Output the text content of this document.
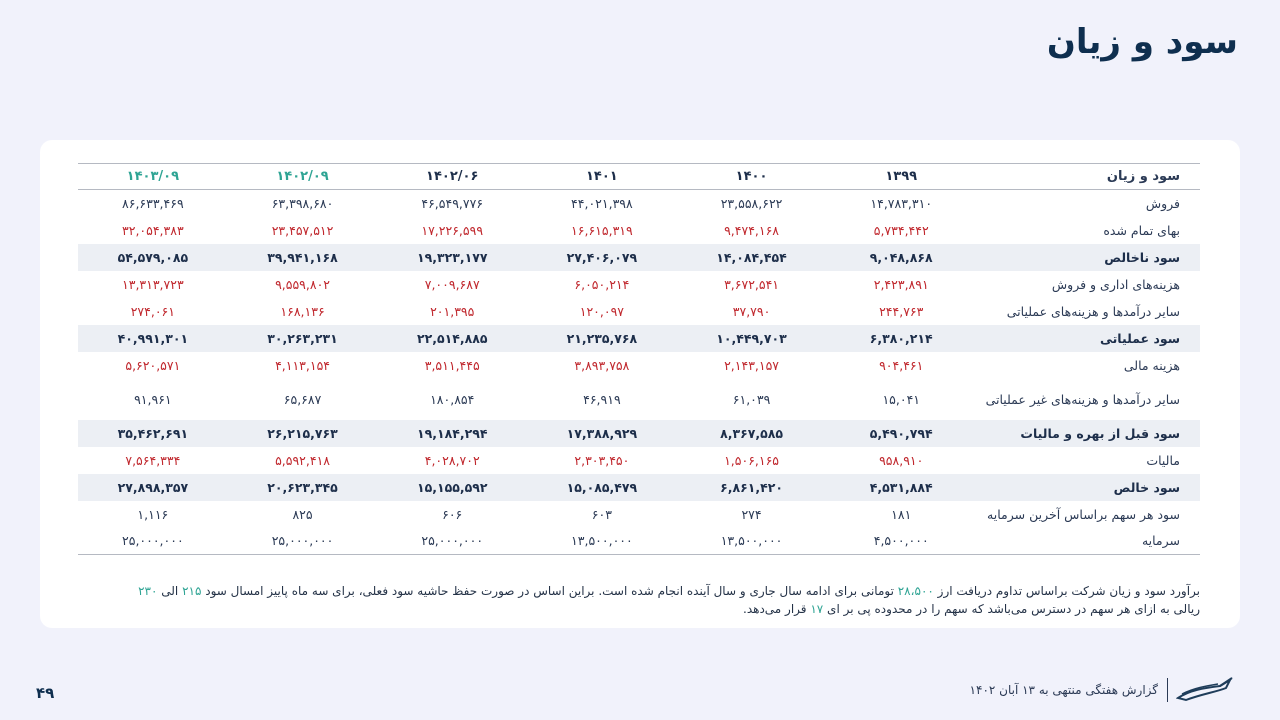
سود و زیان
سود و زیان	۱۳۹۹	۱۴۰۰	۱۴۰۱	۱۴۰۲/۰۶	۱۴۰۲/۰۹	۱۴۰۳/۰۹
فروش	۱۴,۷۸۳,۳۱۰	۲۳,۵۵۸,۶۲۲	۴۴,۰۲۱,۳۹۸	۴۶,۵۴۹,۷۷۶	۶۳,۳۹۸,۶۸۰	۸۶,۶۳۳,۴۶۹
بهای تمام شده	۵,۷۳۴,۴۴۲	۹,۴۷۴,۱۶۸	۱۶,۶۱۵,۳۱۹	۱۷,۲۲۶,۵۹۹	۲۳,۴۵۷,۵۱۲	۳۲,۰۵۴,۳۸۳
سود ناخالص	۹,۰۴۸,۸۶۸	۱۴,۰۸۴,۴۵۴	۲۷,۴۰۶,۰۷۹	۱۹,۳۲۳,۱۷۷	۳۹,۹۴۱,۱۶۸	۵۴,۵۷۹,۰۸۵
هزینه‌های اداری و فروش	۲,۴۲۳,۸۹۱	۳,۶۷۲,۵۴۱	۶,۰۵۰,۲۱۴	۷,۰۰۹,۶۸۷	۹,۵۵۹,۸۰۲	۱۳,۳۱۳,۷۲۳
سایر درآمدها و هزینه‌های عملیاتی	۲۴۴,۷۶۳	۳۷,۷۹۰	۱۲۰,۰۹۷	۲۰۱,۳۹۵	۱۶۸,۱۳۶	۲۷۴,۰۶۱
سود عملیاتی	۶,۳۸۰,۲۱۴	۱۰,۴۴۹,۷۰۳	۲۱,۲۳۵,۷۶۸	۲۲,۵۱۴,۸۸۵	۳۰,۲۶۳,۲۳۱	۴۰,۹۹۱,۳۰۱
هزینه مالی	۹۰۴,۴۶۱	۲,۱۴۳,۱۵۷	۳,۸۹۳,۷۵۸	۳,۵۱۱,۴۴۵	۴,۱۱۳,۱۵۴	۵,۶۲۰,۵۷۱
سایر درآمدها و هزینه‌های غیر عملیاتی	۱۵,۰۴۱	۶۱,۰۳۹	۴۶,۹۱۹	۱۸۰,۸۵۴	۶۵,۶۸۷	۹۱,۹۶۱
سود قبل از بهره و مالیات	۵,۴۹۰,۷۹۴	۸,۳۶۷,۵۸۵	۱۷,۳۸۸,۹۲۹	۱۹,۱۸۴,۲۹۴	۲۶,۲۱۵,۷۶۳	۳۵,۴۶۲,۶۹۱
مالیات	۹۵۸,۹۱۰	۱,۵۰۶,۱۶۵	۲,۳۰۳,۴۵۰	۴,۰۲۸,۷۰۲	۵,۵۹۲,۴۱۸	۷,۵۶۴,۳۳۴
سود خالص	۴,۵۳۱,۸۸۴	۶,۸۶۱,۴۲۰	۱۵,۰۸۵,۴۷۹	۱۵,۱۵۵,۵۹۲	۲۰,۶۲۳,۳۴۵	۲۷,۸۹۸,۳۵۷
سود هر سهم براساس آخرین سرمایه	۱۸۱	۲۷۴	۶۰۳	۶۰۶	۸۲۵	۱,۱۱۶
سرمایه	۴,۵۰۰,۰۰۰	۱۳,۵۰۰,۰۰۰	۱۳,۵۰۰,۰۰۰	۲۵,۰۰۰,۰۰۰	۲۵,۰۰۰,۰۰۰	۲۵,۰۰۰,۰۰۰
برآورد سود و زیان شرکت براساس تداوم دریافت ارز ۲۸،۵۰۰ تومانی برای ادامه سال جاری و سال آینده انجام شده است. براین اساس در صورت حفظ حاشیه سود فعلی، برای سه ماه پاییز امسال سود ۲۱۵ الی ۲۳۰ ریالی به ازای هر سهم در دسترس می‌باشد که سهم را در محدوده پی بر ای ۱۷ قرار می‌دهد.
۴۹	گزارش هفتگی منتهی به ۱۳ آبان ۱۴۰۲
